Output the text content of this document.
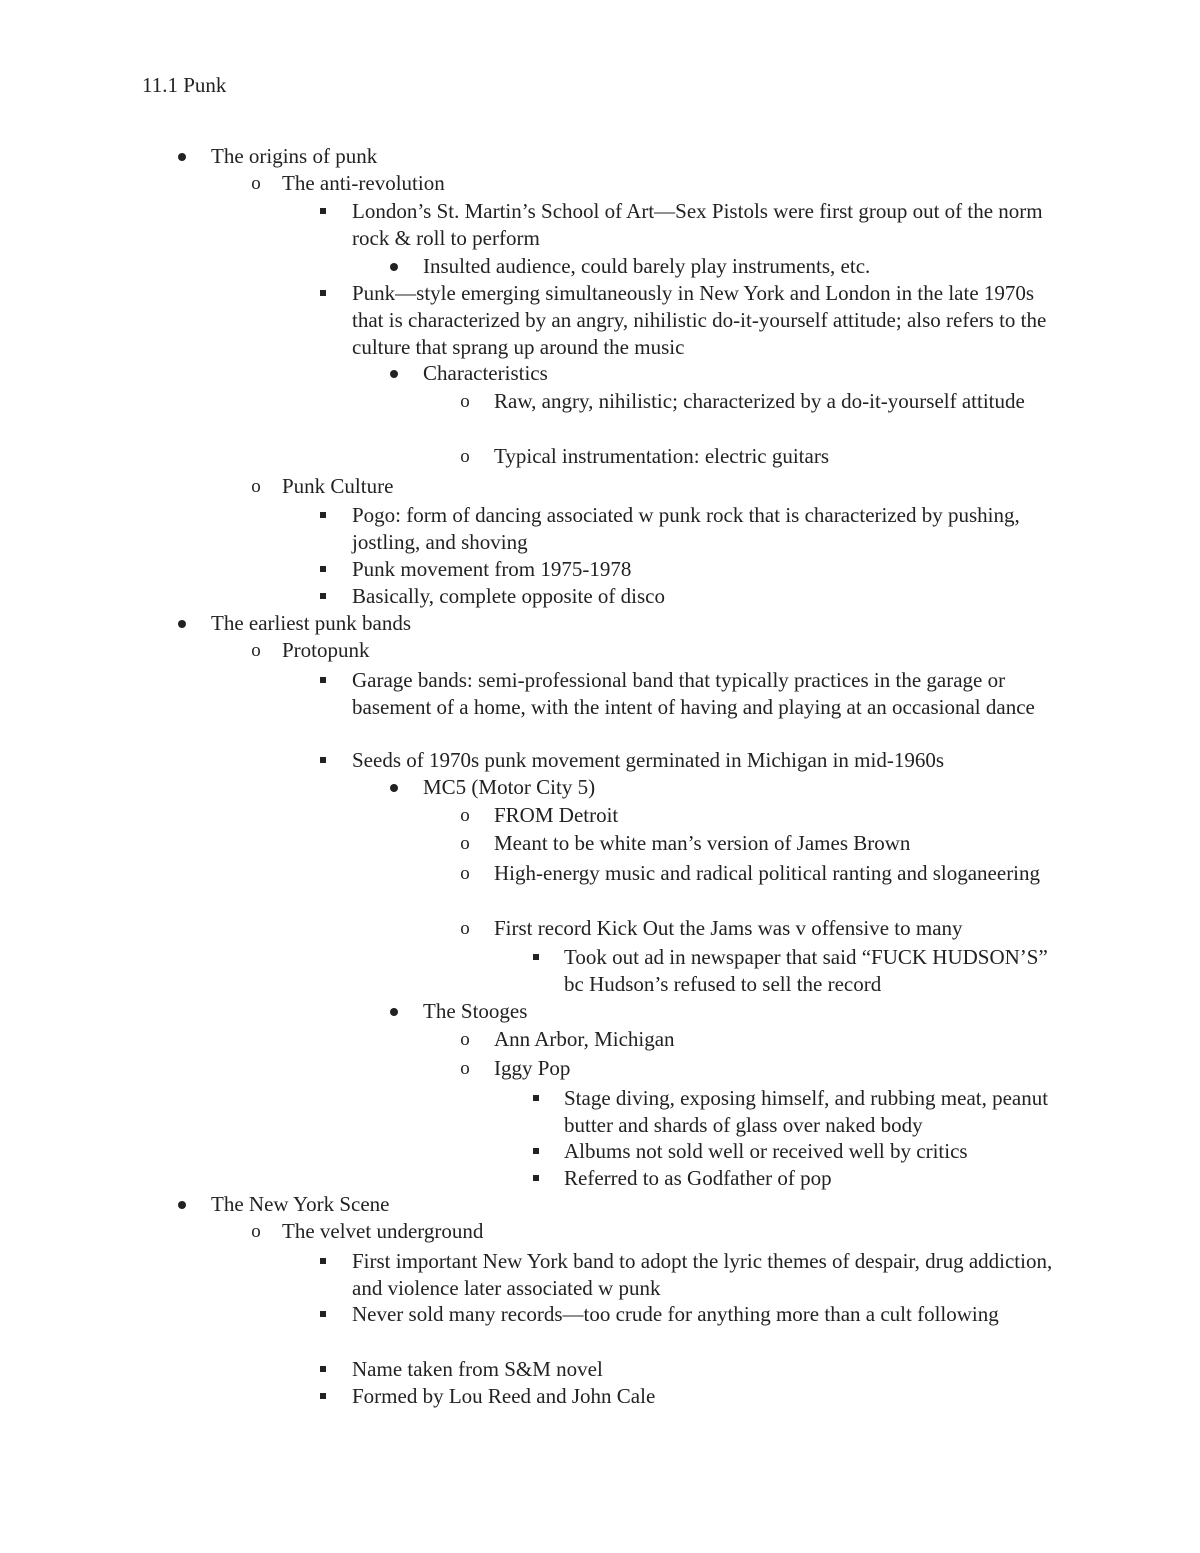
11.1 Punk
The origins of punk
o The anti-revolution
London’s St. Martin’s School of Art—Sex Pistols were first group out of the norm rock & roll to perform
Insulted audience, could barely play instruments, etc.
Punk—style emerging simultaneously in New York and London in the late 1970s that is characterized by an angry, nihilistic do-it-yourself attitude; also refers to the culture that sprang up around the music
Characteristics
o Raw, angry, nihilistic; characterized by a do-it-yourself attitude
o Typical instrumentation: electric guitars
o Punk Culture
Pogo: form of dancing associated w punk rock that is characterized by pushing, jostling, and shoving
Punk movement from 1975-1978
Basically, complete opposite of disco
The earliest punk bands
o Protopunk
Garage bands: semi-professional band that typically practices in the garage or basement of a home, with the intent of having and playing at an occasional dance
Seeds of 1970s punk movement germinated in Michigan in mid-1960s
MC5 (Motor City 5)
o FROM Detroit
o Meant to be white man’s version of James Brown
o High-energy music and radical political ranting and sloganeering
o First record Kick Out the Jams was v offensive to many
Took out ad in newspaper that said “FUCK HUDSON’S” bc Hudson’s refused to sell the record
The Stooges
o Ann Arbor, Michigan
o Iggy Pop
Stage diving, exposing himself, and rubbing meat, peanut butter and shards of glass over naked body
Albums not sold well or received well by critics
Referred to as Godfather of pop
The New York Scene
o The velvet underground
First important New York band to adopt the lyric themes of despair, drug addiction, and violence later associated w punk
Never sold many records—too crude for anything more than a cult following
Name taken from S&M novel
Formed by Lou Reed and John Cale
